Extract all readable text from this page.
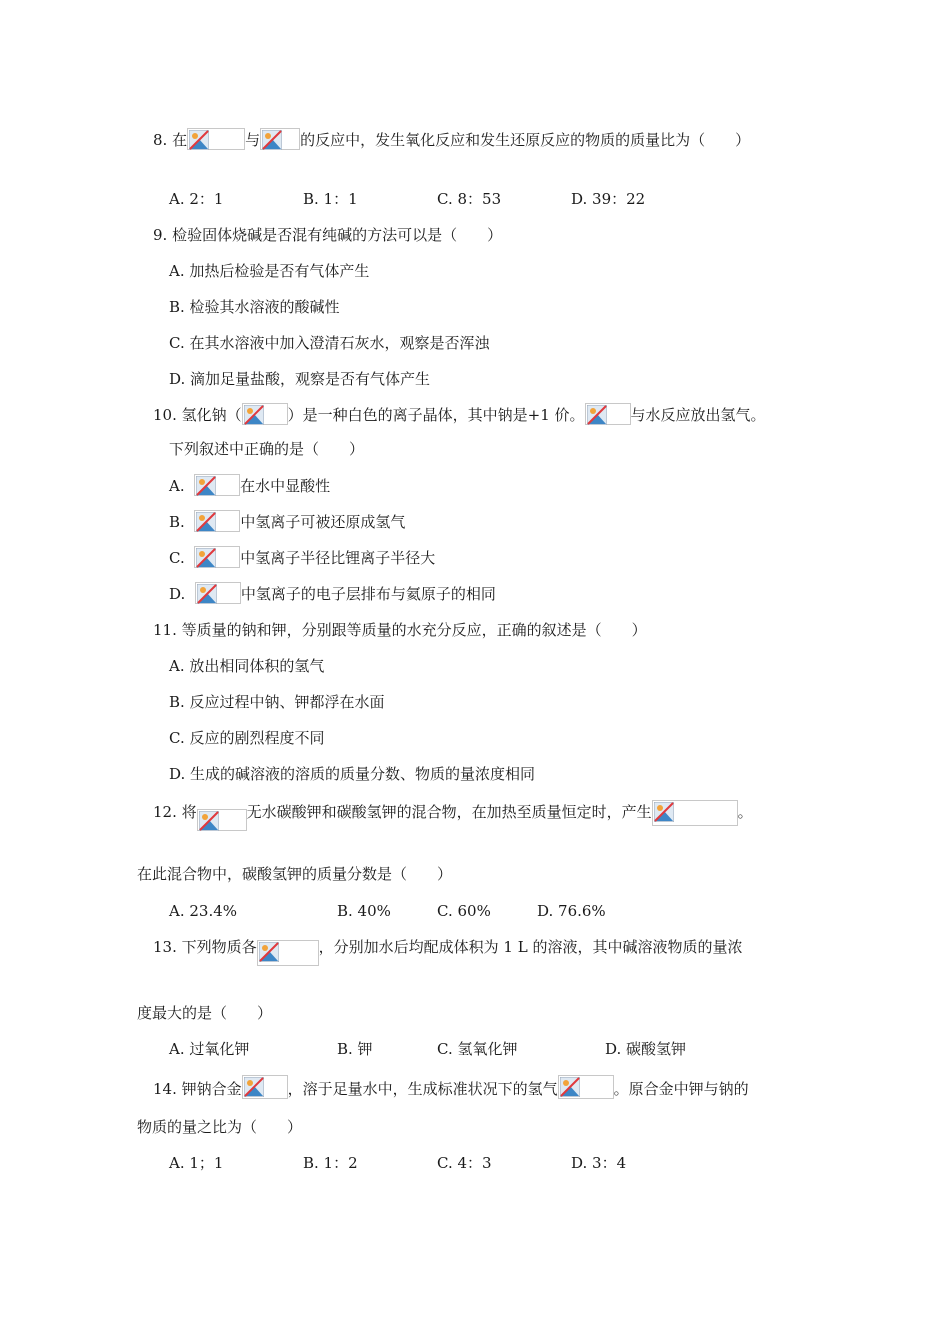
8. 在	与	的反应中，发生氧化反应和发生还原反应的物质的质量比为（　　）
A. 2：1	B. 1：1	C. 8：53	D. 39：22
9. 检验固体烧碱是否混有纯碱的方法可以是（　　）
A. 加热后检验是否有气体产生
B. 检验其水溶液的酸碱性
C. 在其水溶液中加入澄清石灰水，观察是否浑浊
D. 滴加足量盐酸，观察是否有气体产生
10. 氢化钠（	）是一种白色的离子晶体，其中钠是+1 价。	与水反应放出氢气。
下列叙述中正确的是（　　）
A.	在水中显酸性
B.	中氢离子可被还原成氢气
C.	中氢离子半径比锂离子半径大
D.	中氢离子的电子层排布与氦原子的相同
11. 等质量的钠和钾，分别跟等质量的水充分反应，正确的叙述是（　　）
A. 放出相同体积的氢气
B. 反应过程中钠、钾都浮在水面
C. 反应的剧烈程度不同
D. 生成的碱溶液的溶质的质量分数、物质的量浓度相同
12. 将	无水碳酸钾和碳酸氢钾的混合物，在加热至质量恒定时，产生	。
在此混合物中，碳酸氢钾的质量分数是（　　）
A. 23.4%	B. 40%	C. 60%	D. 76.6%
13. 下列物质各	，分别加水后均配成体积为 1 L 的溶液，其中碱溶液物质的量浓
度最大的是（　　）
A. 过氧化钾	B. 钾	C. 氢氧化钾	D. 碳酸氢钾
14. 钾钠合金	，溶于足量水中，生成标准状况下的氢气	。原合金中钾与钠的
物质的量之比为（　　）
A. 1；1	B. 1：2	C. 4：3	D. 3：4
